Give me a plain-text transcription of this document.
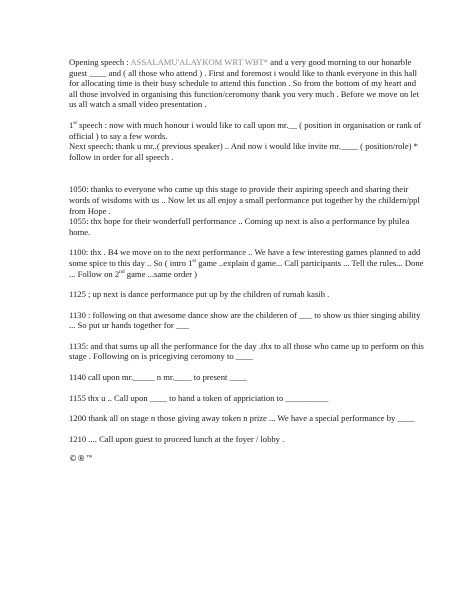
Opening speech : ASSALAMU'ALAYKOM WRT WBT* and a very good morning to our honarble guest ____ and ( all those who attend ) . First and foremost i would like to thank everyone in this hall for allocating time is their busy schedule to attend this function . So from the bottom of my heart and all those involved in organising this function/ceromony thank you very much . Before we move on let us all watch a small video presentation .

1st speech : now with much honour i would like to call upon mr.__ ( position in organisation or rank of official ) to say a few words.

Next speech: thank u mr..( previous speaker) .. And now i would like invite mr.____ ( position/role) * follow in order for all speech .

1050: thanks to everyone who came up this stage to provide their aspiring speech and sharing their words of wisdoms with us .. Now let us all enjoy a small performance put together by the childern/ppl from Hope .

1055: thx hope for their wonderfull performance .. Coming up next is also a performance by philea home.

1100: thx . B4 we move on to the next performance .. We have a few interesting games planned to add some spice to this day .. So ( intro 1st game ..explain d game... Call participants ... Tell the rules... Done ... Follow on 2nd game ...same order )

1125 ; up next is dance performance put up by the children of rumah kasih .

1130 : following on that awesome dance show are the childeren of ___ to show us thier singing ability ... So put ur hands together for ___

1135: and that sums up all the performance for the day .thx to all those who came up to perform on this stage . Following on is pricegiving ceromony to ____

1140 call upon mr._____ n mr.____ to present ____

1155 thx u .. Call upon ____ to hand a token of appriciation to __________

1200 thank all on stage n those giving away token n prize ... We have a special performance by ____

1210 .... Call upon guest to proceed lunch at the foyer / lobby .

©®™
